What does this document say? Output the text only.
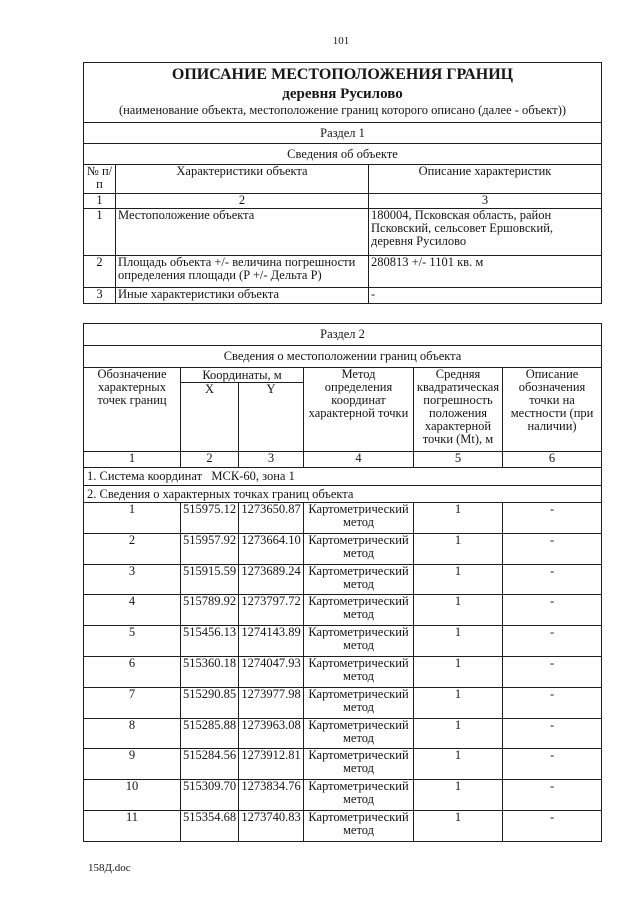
101
ОПИСАНИЕ МЕСТОПОЛОЖЕНИЯ ГРАНИЦ
деревня Русилово
(наименование объекта, местоположение границ которого описано (далее - объект))		

Раздел 1		
Сведения об объекте		
№ п/п	Характеристики объекта	Описание характеристик
1	2	3
1	Местоположение объекта	180004, Псковская область, район Псковский, сельсовет Ершовский, деревня Русилово

2	Площадь объекта +/- величина погрешности определения площади (P +/- Дельта P)	280813 +/- 1101 кв. м
3	Иные характеристики объекта	-
Раздел 2					
Сведения о местоположении границ объекта					
Обозначение характерных точек границ	Координаты, м		Метод определения координат характерной точки	Средняя квадратическая погрешность положения характерной точки (Mt), м	Описание обозначения точки на местности (при наличии)
	X	Y			
1	2	3	4	5	6
1. Система координат   МСК-60, зона 1					
2. Сведения о характерных точках границ объекта					
1	515975.12	1273650.87	Картометрический метод	1	-
2	515957.92	1273664.10	Картометрический метод	1	-
3	515915.59	1273689.24	Картометрический метод	1	-
4	515789.92	1273797.72	Картометрический метод	1	-
5	515456.13	1274143.89	Картометрический метод	1	-
6	515360.18	1274047.93	Картометрический метод	1	-
7	515290.85	1273977.98	Картометрический метод	1	-
8	515285.88	1273963.08	Картометрический метод	1	-
9	515284.56	1273912.81	Картометрический метод	1	-
10	515309.70	1273834.76	Картометрический метод	1	-
11	515354.68	1273740.83	Картометрический метод	1	-
158Д.doc
